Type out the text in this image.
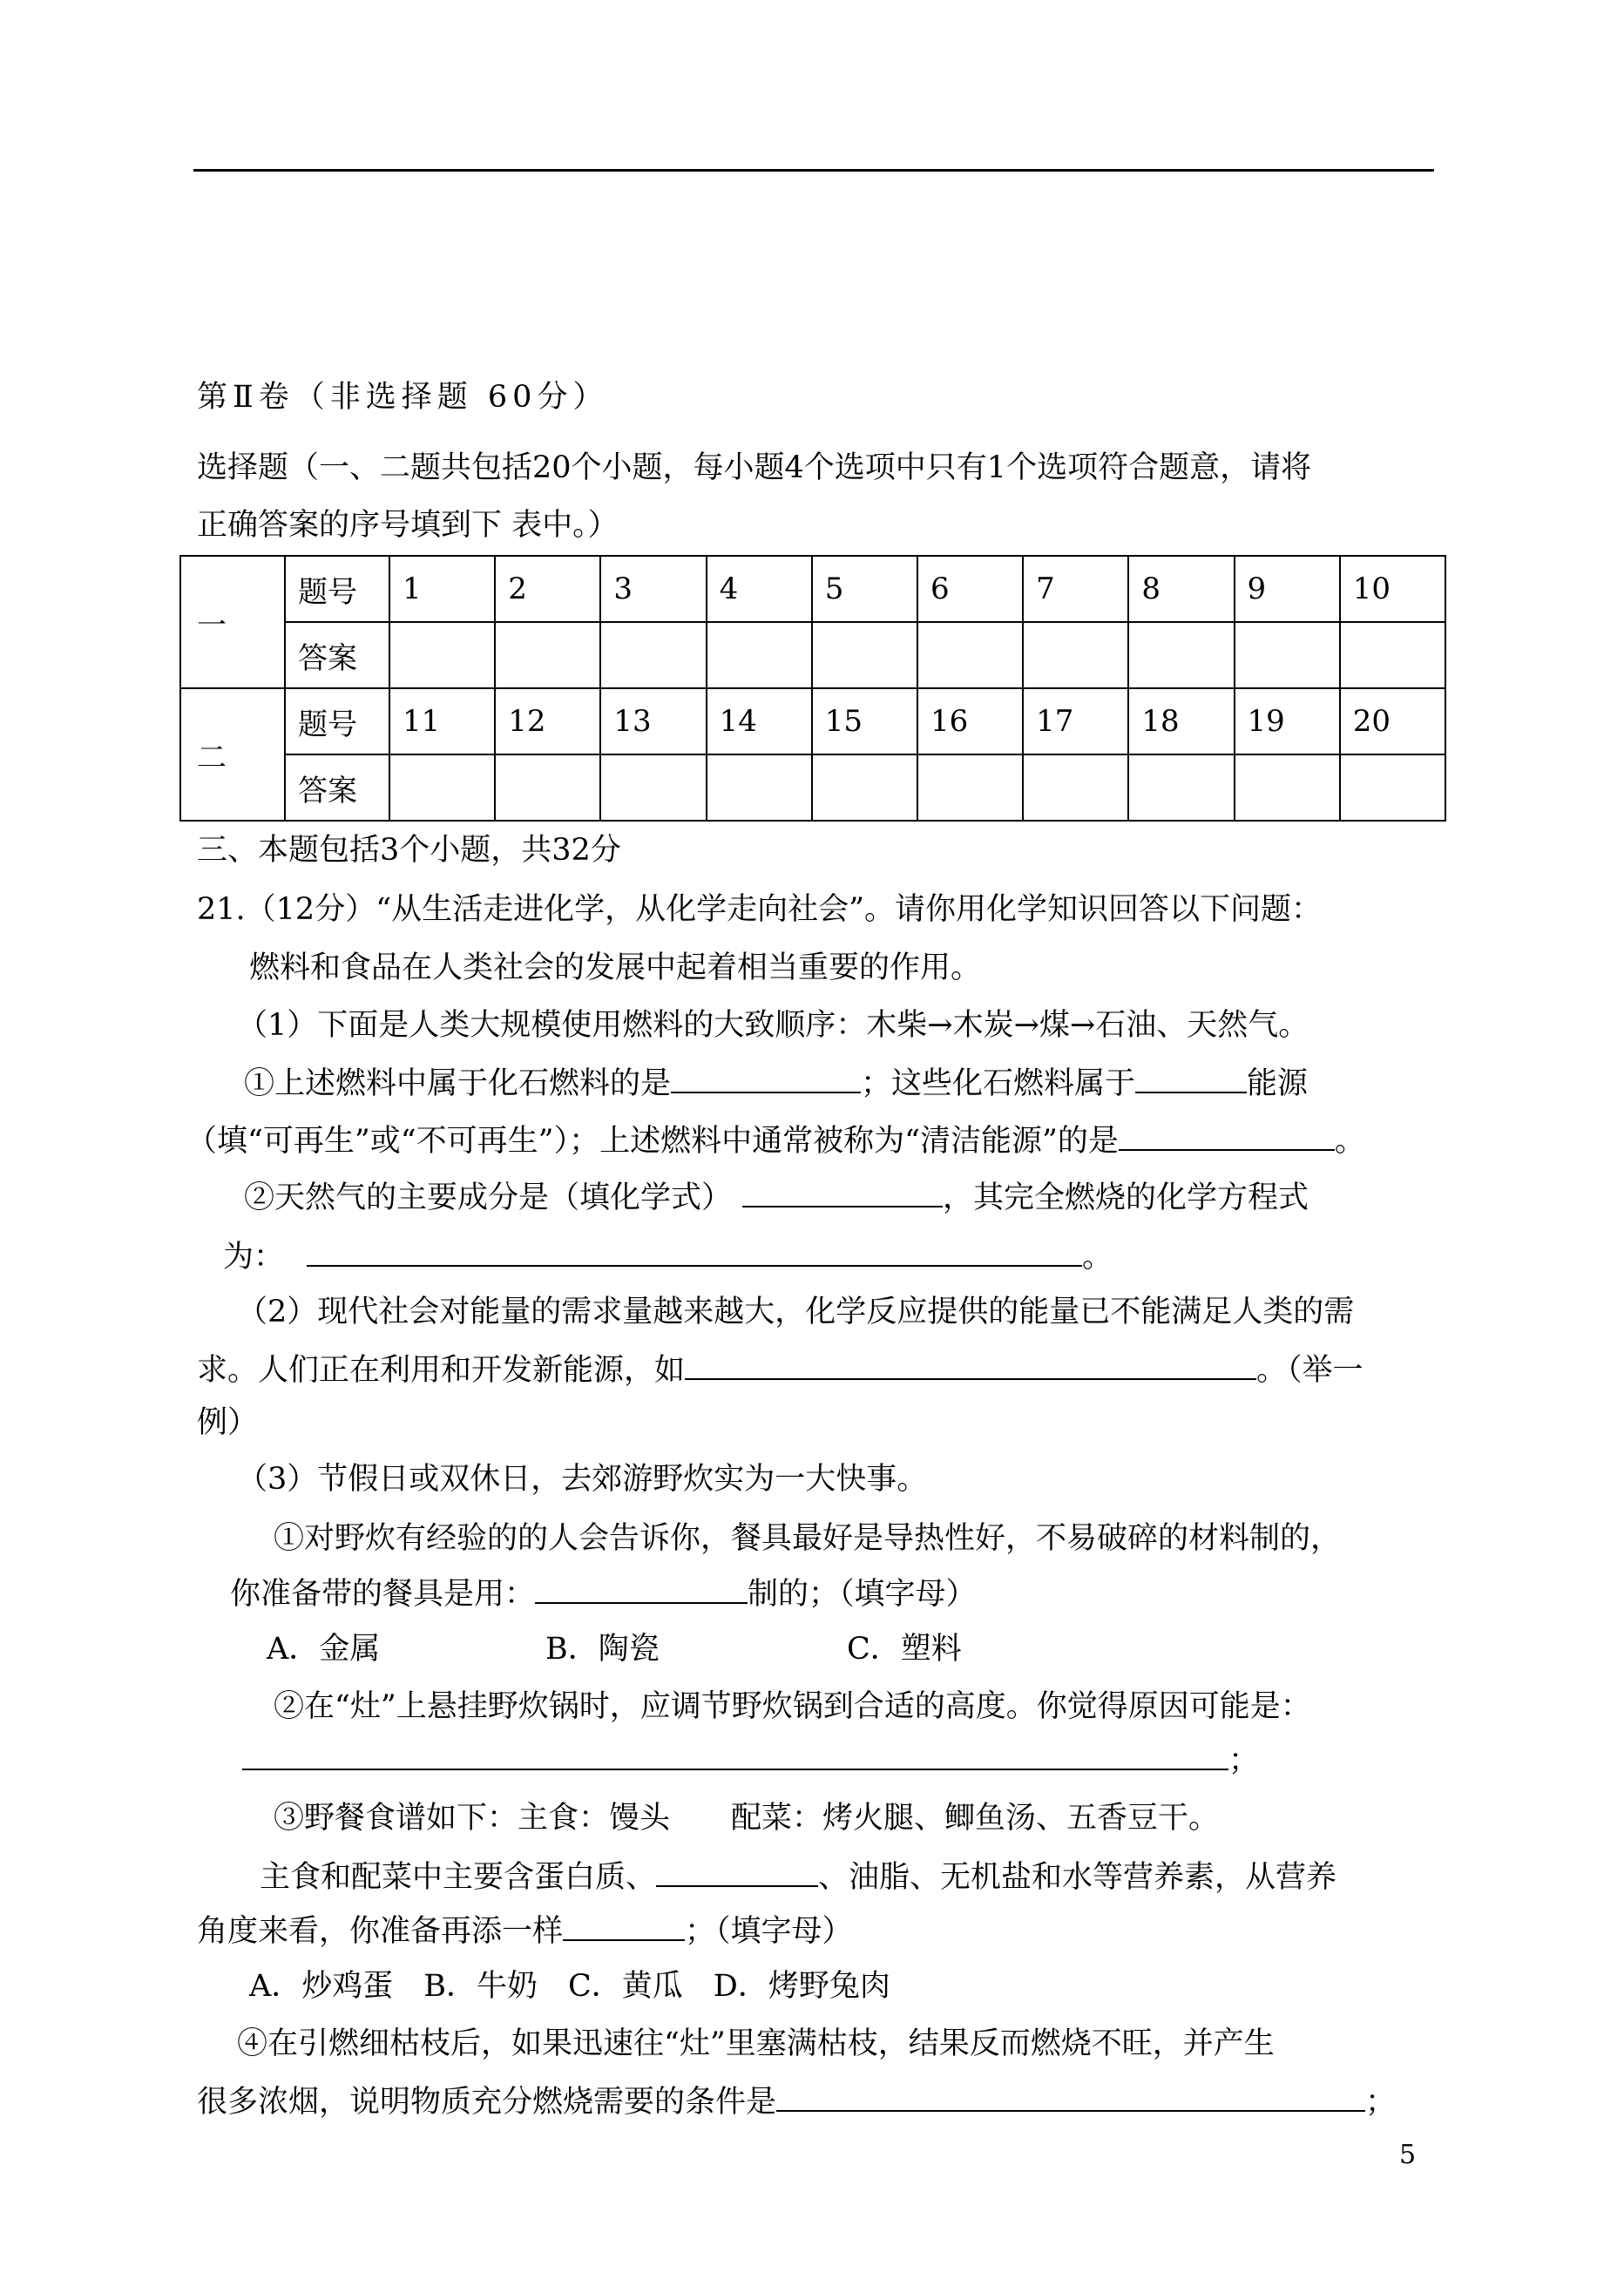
第Ⅱ卷（非选择题 60分）
选择题（一、二题共包括20个小题，每小题4个选项中只有1个选项符合题意，请将
正确答案的序号填到下 表中。）
一	题号	1	2	3	4	5	6	7	8	9	10
	答案										
二	题号	11	12	13	14	15	16	17	18	19	20
	答案										
三、本题包括3个小题，共32分
21.（12分）“从生活走进化学，从化学走向社会”。请你用化学知识回答以下问题：
燃料和食品在人类社会的发展中起着相当重要的作用。
（1）下面是人类大规模使用燃料的大致顺序：木柴→木炭→煤→石油、天然气。
①上述燃料中属于化石燃料的是	；这些化石燃料属于	能源
（填“可再生”或“不可再生”）；上述燃料中通常被称为“清洁能源”的是	。
②天然气的主要成分是（填化学式）	，其完全燃烧的化学方程式
为：	。
（2）现代社会对能量的需求量越来越大，化学反应提供的能量已不能满足人类的需
求。人们正在利用和开发新能源，如	。（举一
例）
（3）节假日或双休日，去郊游野炊实为一大快事。
①对野炊有经验的的人会告诉你，餐具最好是导热性好，不易破碎的材料制的，
你准备带的餐具是用：	制的；（填字母）
A．金属	B．陶瓷	C．塑料
②在“灶”上悬挂野炊锅时，应调节野炊锅到合适的高度。你觉得原因可能是：
；
③野餐食谱如下：主食：馒头　　配菜：烤火腿、鲫鱼汤、五香豆干。
主食和配菜中主要含蛋白质、	、油脂、无机盐和水等营养素，从营养
角度来看，你准备再添一样	；（填字母）
A．炒鸡蛋　B．牛奶　C．黄瓜　D．烤野兔肉
④在引燃细枯枝后，如果迅速往“灶”里塞满枯枝，结果反而燃烧不旺，并产生
很多浓烟，说明物质充分燃烧需要的条件是	；
5
